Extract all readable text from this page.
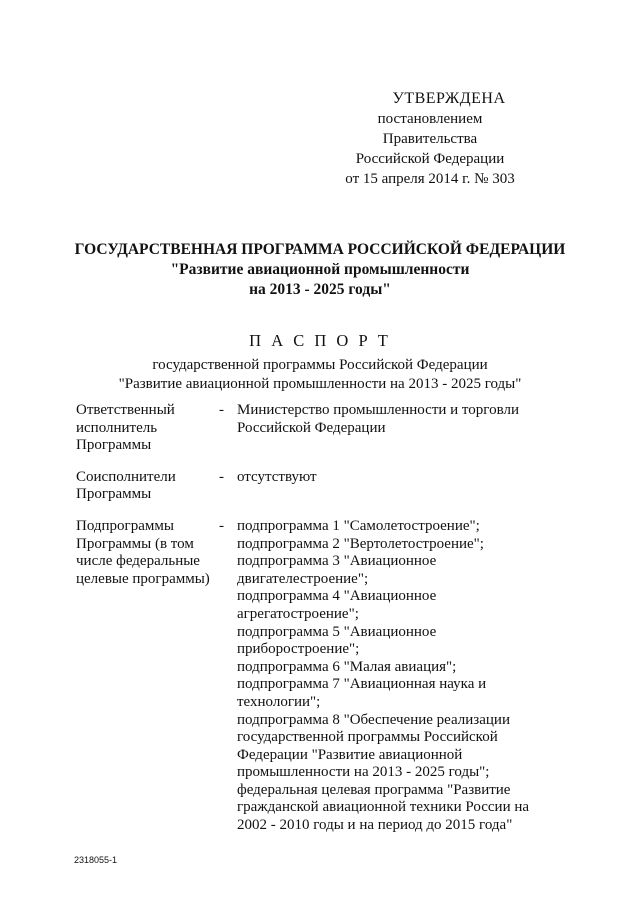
УТВЕРЖДЕНА
постановлением Правительства
Российской Федерации
от 15 апреля 2014 г. № 303
ГОСУДАРСТВЕННАЯ ПРОГРАММА РОССИЙСКОЙ ФЕДЕРАЦИИ
"Развитие авиационной промышленности
на 2013 - 2025 годы"
П А С П О Р Т
государственной программы Российской Федерации
"Развитие авиационной промышленности на 2013 - 2025 годы"
Ответственный
исполнитель
Программы
- Министерство промышленности и торговли
Российской Федерации
Соисполнители
Программы
- отсутствуют
Подпрограммы
Программы (в том
числе федеральные
целевые программы)
- подпрограмма 1 "Самолетостроение";
подпрограмма 2 "Вертолетостроение";
подпрограмма 3 "Авиационное
двигателестроение";
подпрограмма 4 "Авиационное
агрегатостроение";
подпрограмма 5 "Авиационное
приборостроение";
подпрограмма 6 "Малая авиация";
подпрограмма 7 "Авиационная наука и
технологии";
подпрограмма 8 "Обеспечение реализации
государственной программы Российской
Федерации "Развитие авиационной
промышленности на 2013 - 2025 годы";
федеральная целевая программа "Развитие
гражданской авиационной техники России на
2002 - 2010 годы и на период до 2015 года"
2318055-1
